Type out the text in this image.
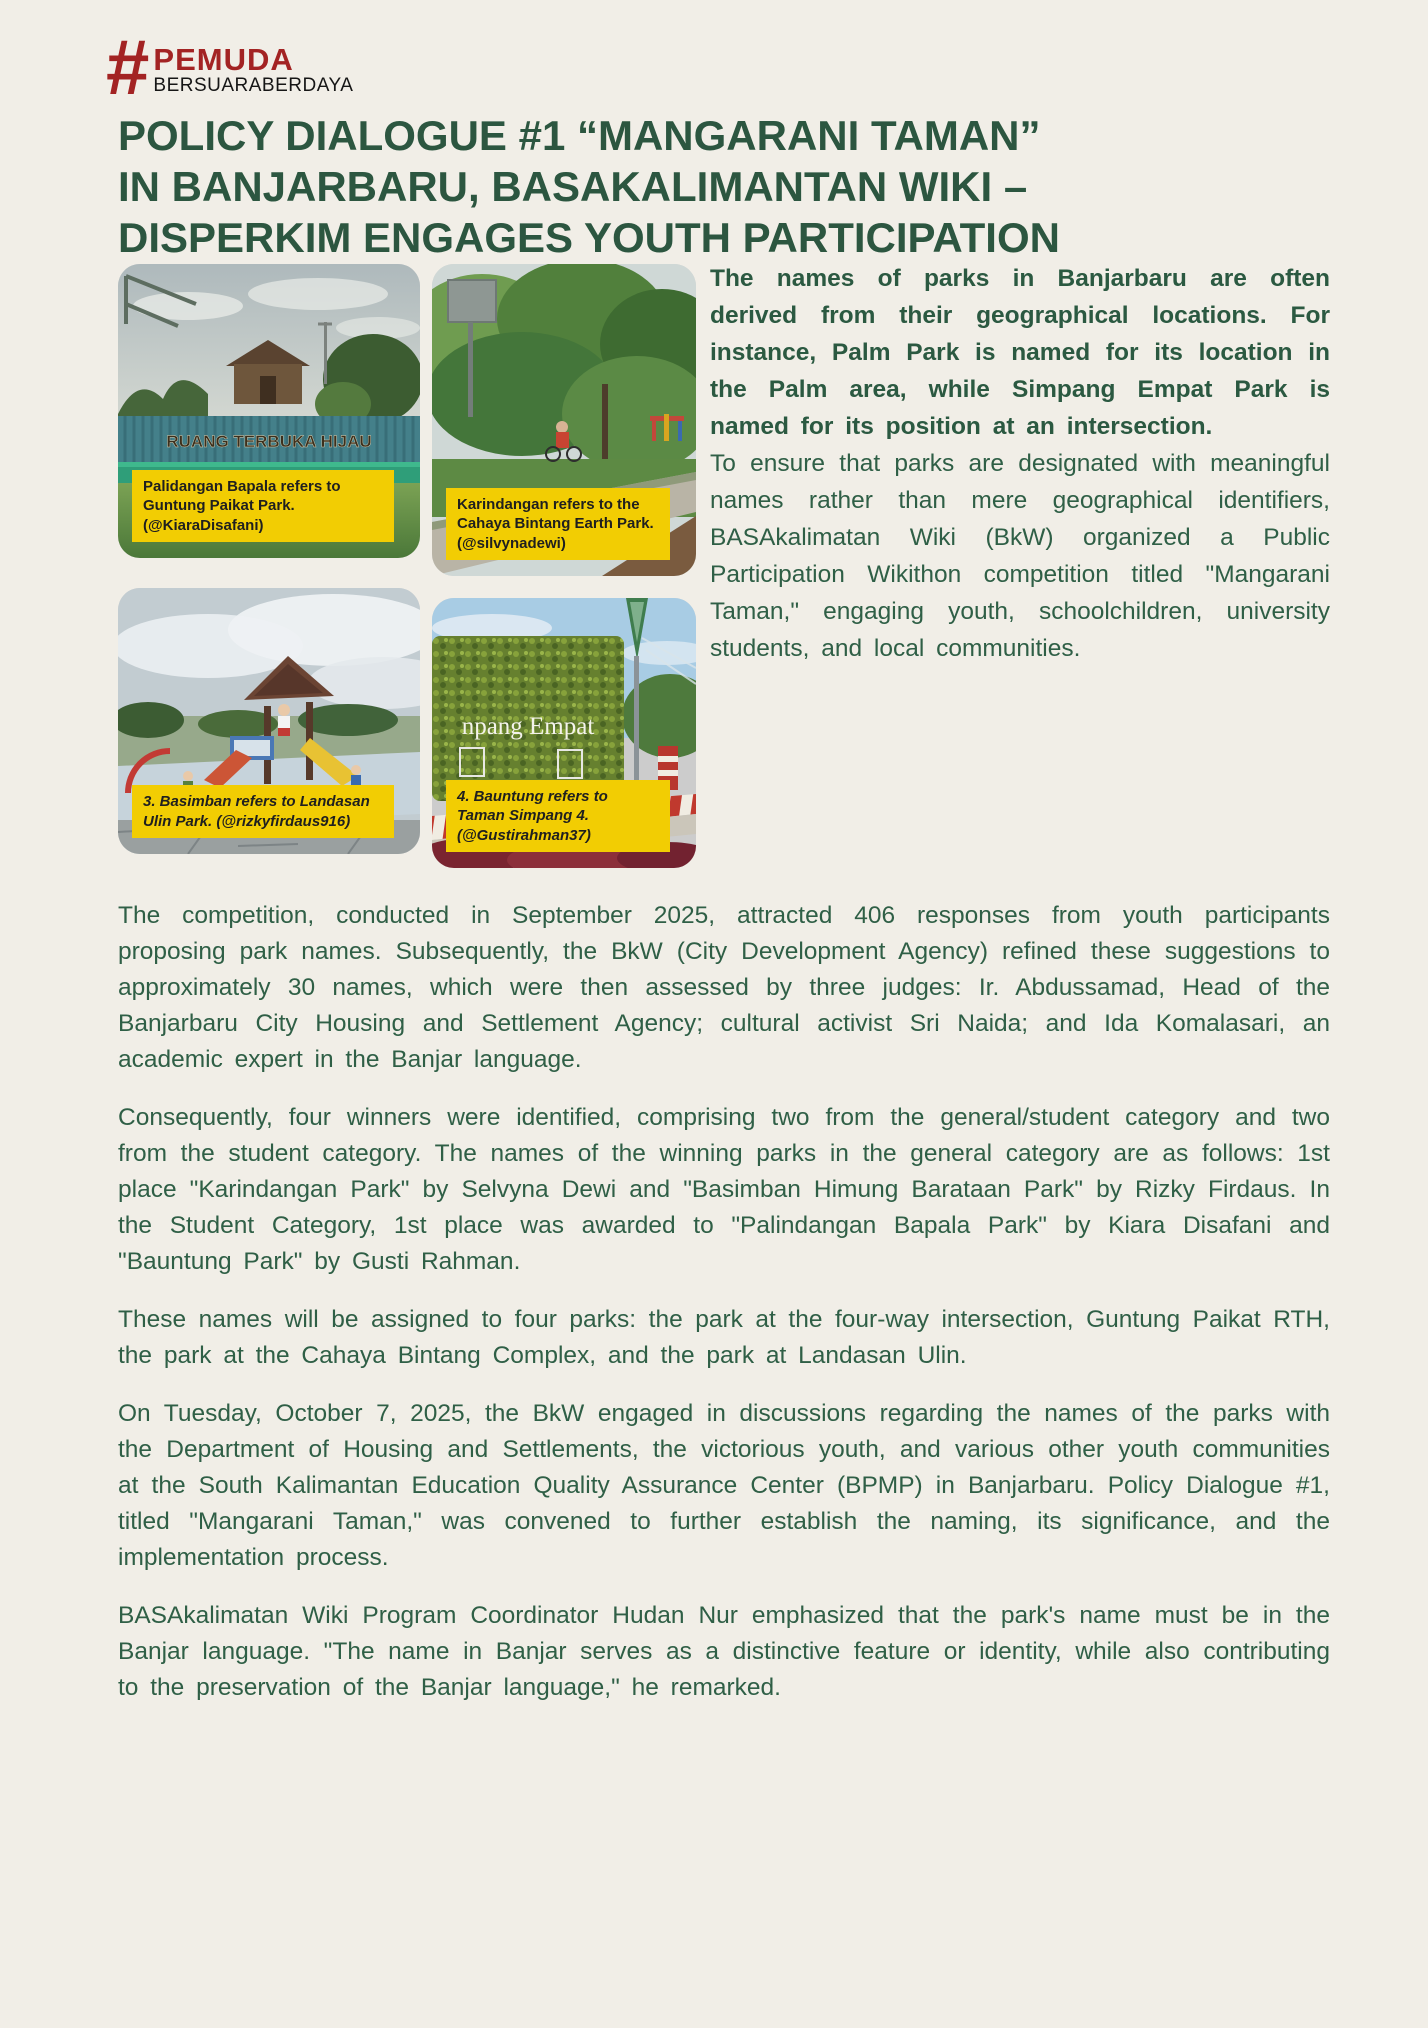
# PEMUDA
BERSUARABERDAYA
POLICY DIALOGUE #1 “MANGARANI TAMAN”
IN BANJARBARU, BASAKALIMANTAN WIKI –
DISPERKIM ENGAGES YOUTH PARTICIPATION
RUANG TERBUKA HIJAU
Palidangan Bapala refers to Guntung Paikat Park. (@KiaraDisafani)
Karindangan refers to the Cahaya Bintang Earth Park. (@silvynadewi)
3. Basimban refers to Landasan Ulin Park. (@rizkyfirdaus916)
npang Empat
4. Bauntung refers to Taman Simpang 4. (@Gustirahman37)

The names of parks in Banjarbaru are often derived from their geographical locations. For instance, Palm Park is named for its location in the Palm area, while Simpang Empat Park is named for its position at an intersection.

To ensure that parks are designated with meaningful names rather than mere geographical identifiers, BASAkalimatan Wiki (BkW) organized a Public Participation Wikithon competition titled "Mangarani Taman," engaging youth, schoolchildren, university students, and local communities.

The competition, conducted in September 2025, attracted 406 responses from youth participants proposing park names. Subsequently, the BkW (City Development Agency) refined these suggestions to approximately 30 names, which were then assessed by three judges: Ir. Abdussamad, Head of the Banjarbaru City Housing and Settlement Agency; cultural activist Sri Naida; and Ida Komalasari, an academic expert in the Banjar language.

Consequently, four winners were identified, comprising two from the general/student category and two from the student category. The names of the winning parks in the general category are as follows: 1st place "Karindangan Park" by Selvyna Dewi and "Basimban Himung Barataan Park" by Rizky Firdaus. In the Student Category, 1st place was awarded to "Palindangan Bapala Park" by Kiara Disafani and "Bauntung Park" by Gusti Rahman.

These names will be assigned to four parks: the park at the four-way intersection, Guntung Paikat RTH, the park at the Cahaya Bintang Complex, and the park at Landasan Ulin.

On Tuesday, October 7, 2025, the BkW engaged in discussions regarding the names of the parks with the Department of Housing and Settlements, the victorious youth, and various other youth communities at the South Kalimantan Education Quality Assurance Center (BPMP) in Banjarbaru. Policy Dialogue #1, titled "Mangarani Taman," was convened to further establish the naming, its significance, and the implementation process.

BASAkalimatan Wiki Program Coordinator Hudan Nur emphasized that the park's name must be in the Banjar language. "The name in Banjar serves as a distinctive feature or identity, while also contributing to the preservation of the Banjar language," he remarked.
